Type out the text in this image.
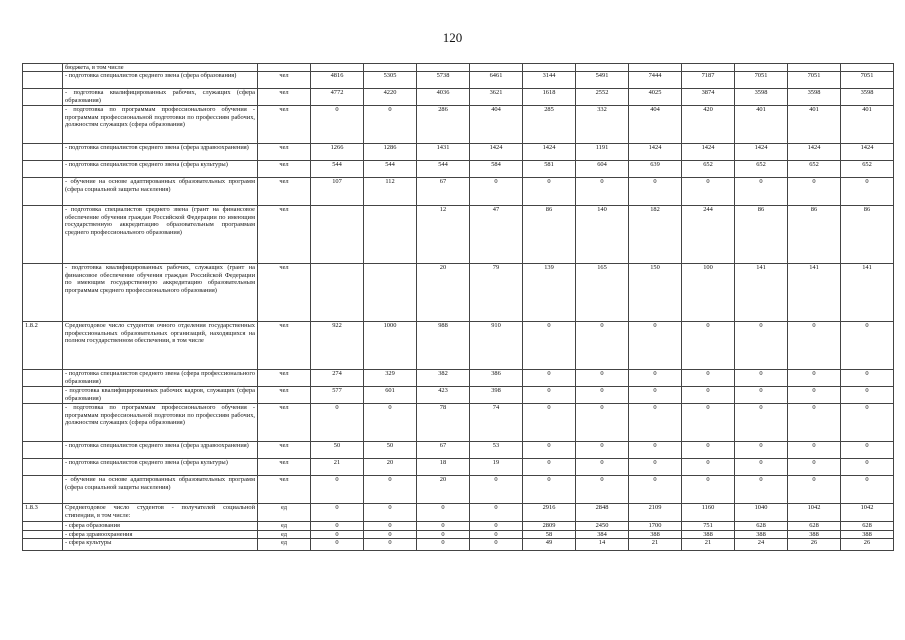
120
	бюджета, в том числе												
	- подготовка специалистов среднего звена (сфера образования)	чел	4816	5305	5738	6461	3144	5491	7444	7187	7051	7051	7051
	- подготовка квалифицированных рабочих, служащих (сфера образования)	чел	4772	4220	4036	3621	1618	2552	4025	3874	3598	3598	3598
	- подготовка по программам профессионального обучения - программам профессиональной подготовки по профессиям рабочих, должностям служащих (сфера образования)	чел	0	0	286	404	285	332	404	420	401	401	401
	- подготовка специалистов среднего звена (сфера здравоохранения)	чел	1266	1286	1431	1424	1424	1191	1424	1424	1424	1424	1424
	- подготовка специалистов среднего звена (сфера культуры)	чел	544	544	544	584	581	604	639	652	652	652	652
	- обучение на основе адаптированных образовательных программ (сфера социальной защиты населения)	чел	107	112	67	0	0	0	0	0	0	0	0
	- подготовка специалистов среднего звена (грант на финансовое обеспечение обучения граждан Российской Федерации по имеющим государственную аккредитацию образовательным программам среднего профессионального образования)	чел			12	47	86	140	182	244	86	86	86
	- подготовка квалифицированных рабочих, служащих (грант на финансовое обеспечение обучения граждан Российской Федерации по имеющим государственную аккредитацию образовательным программам среднего профессионального образования)	чел			20	79	139	165	150	100	141	141	141
1.8.2	Среднегодовое число студентов очного отделения государственных профессиональных образовательных организаций, находящихся на полном государственном обеспечении, в том числе	чел	922	1000	988	910	0	0	0	0	0	0	0
	- подготовка специалистов среднего звена (сфера профессионального образования)	чел	274	329	382	386	0	0	0	0	0	0	0
	- подготовка квалифицированных рабочих кадров, служащих (сфера образования)	чел	577	601	423	398	0	0	0	0	0	0	0
	- подготовка по программам профессионального обучения - программам профессиональной подготовки по профессиям рабочих, должностям служащих (сфера образования)	чел	0	0	78	74	0	0	0	0	0	0	0
	- подготовка специалистов среднего звена (сфера здравоохранения)	чел	50	50	67	53	0	0	0	0	0	0	0
	- подготовка специалистов среднего звена (сфера культуры)	чел	21	20	18	19	0	0	0	0	0	0	0
	- обучение на основе адаптированных образовательных программ (сфера социальной защиты населения)	чел	0	0	20	0	0	0	0	0	0	0	0
1.8.3	Среднегодовое число студентов - получателей социальной стипендии, в том числе:	ед	0	0	0	0	2916	2848	2109	1160	1040	1042	1042
	- сфера образования	ед	0	0	0	0	2809	2450	1700	751	628	628	628
	- сфера здравоохранения	ед	0	0	0	0	58	384	388	388	388	388	388
	- сфера культуры	ед	0	0	0	0	49	14	21	21	24	26	26
